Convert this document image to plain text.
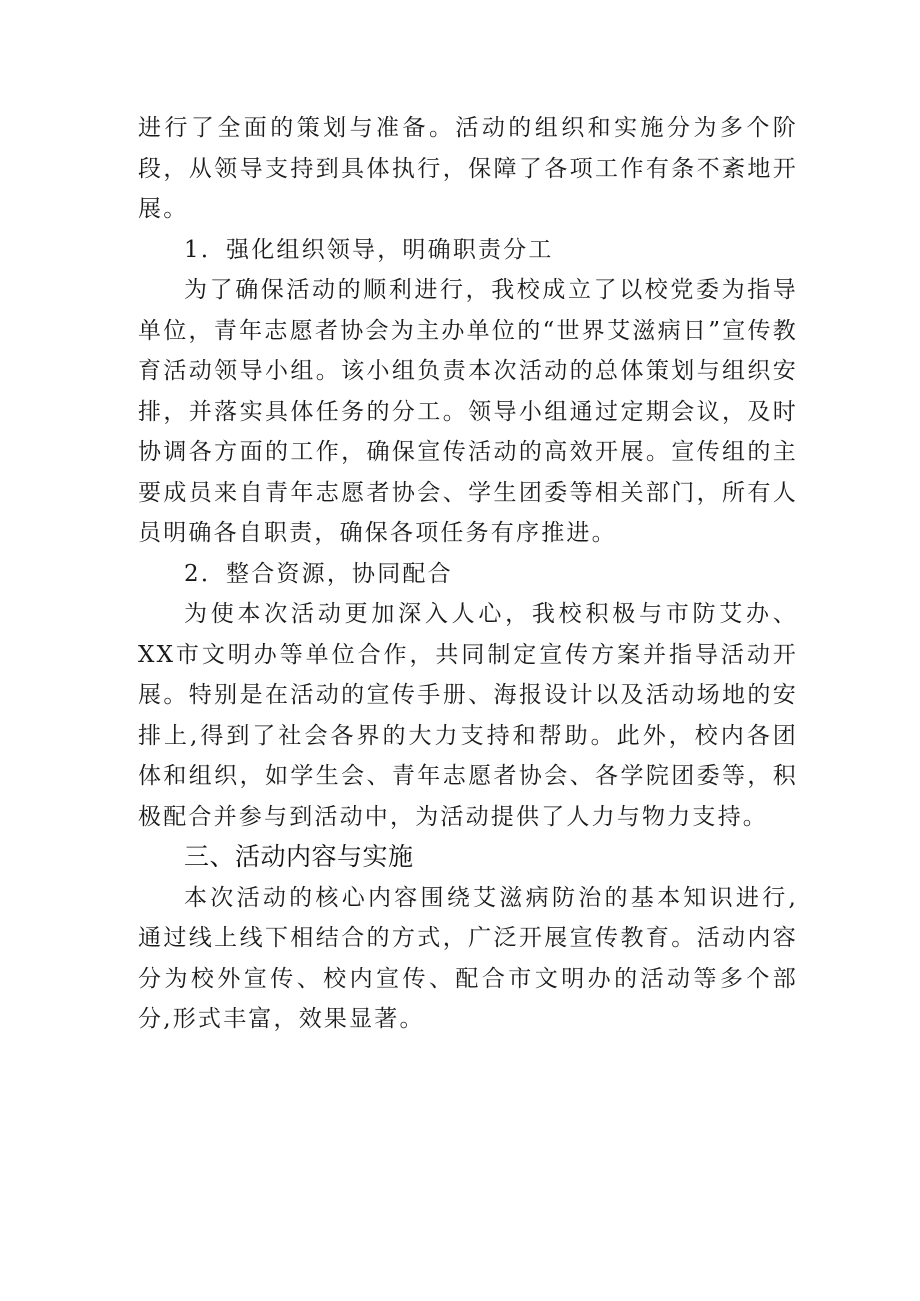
进行了全面的策划与准备。活动的组织和实施分为多个阶段，从领导支持到具体执行，保障了各项工作有条不紊地开展。

1．强化组织领导，明确职责分工

为了确保活动的顺利进行，我校成立了以校党委为指导单位，青年志愿者协会为主办单位的“世界艾滋病日”宣传教育活动领导小组。该小组负责本次活动的总体策划与组织安排，并落实具体任务的分工。领导小组通过定期会议，及时协调各方面的工作，确保宣传活动的高效开展。宣传组的主要成员来自青年志愿者协会、学生团委等相关部门，所有人员明确各自职责，确保各项任务有序推进。

2．整合资源，协同配合

为使本次活动更加深入人心，我校积极与市防艾办、XX市文明办等单位合作，共同制定宣传方案并指导活动开展。特别是在活动的宣传手册、海报设计以及活动场地的安排上,得到了社会各界的大力支持和帮助。此外，校内各团体和组织，如学生会、青年志愿者协会、各学院团委等，积极配合并参与到活动中，为活动提供了人力与物力支持。

三、活动内容与实施

本次活动的核心内容围绕艾滋病防治的基本知识进行,通过线上线下相结合的方式，广泛开展宣传教育。活动内容分为校外宣传、校内宣传、配合市文明办的活动等多个部分,形式丰富，效果显著。
